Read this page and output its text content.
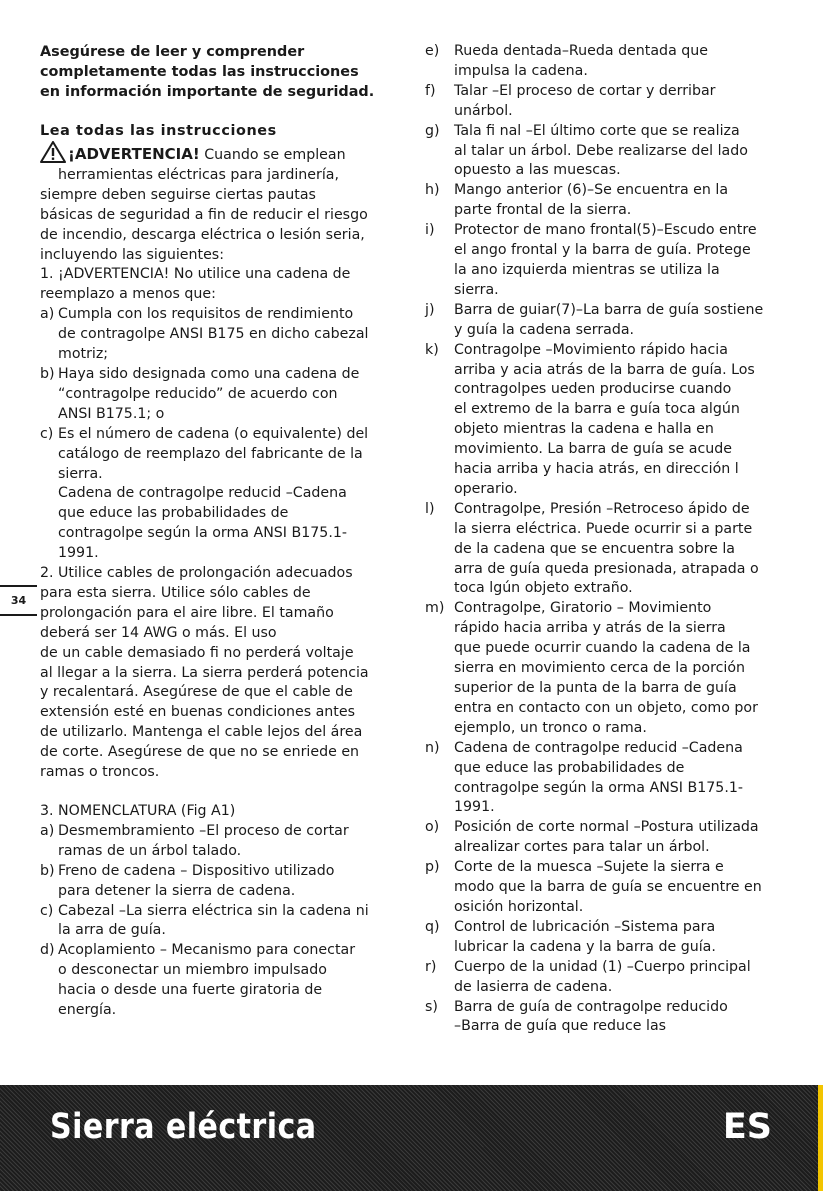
Asegúrese de leer y comprender
completamente todas las instrucciones
en información importante de seguridad.

Lea todas las instrucciones

¡ADVERTENCIA! Cuando se emplean

herramientas eléctricas para jardinería,

siempre deben seguirse ciertas pautas

básicas de seguridad a fin de reducir el riesgo

de incendio, descarga eléctrica o lesión seria,

incluyendo las siguientes:

1. ¡ADVERTENCIA! No utilice una cadena de

reemplazo a menos que:

a) Cumpla con los requisitos de rendimiento
de contragolpe ANSI B175 en dicho cabezal
motriz;
b) Haya sido designada como una cadena de
“contragolpe reducido” de acuerdo con
ANSI B175.1; o
c) Es el número de cadena (o equivalente) del
catálogo de reemplazo del fabricante de la
sierra.
Cadena de contragolpe reducid –Cadena
que educe las probabilidades de
contragolpe según la orma ANSI B175.1-
1991.

2. Utilice cables de prolongación adecuados
para esta sierra. Utilice sólo cables de
prolongación para el aire libre. El tamaño
deberá ser 14 AWG o más. El uso
de un cable demasiado fi no perderá voltaje
al llegar a la sierra. La sierra perderá potencia
y recalentará. Asegúrese de que el cable de
extensión esté en buenas condiciones antes
de utilizarlo. Mantenga el cable lejos del área
de corte. Asegúrese de que no se enriede en
ramas o troncos.

3. NOMENCLATURA (Fig A1)

a) Desmembramiento –El proceso de cortar
ramas de un árbol talado.
b) Freno de cadena – Dispositivo utilizado
para detener la sierra de cadena.
c) Cabezal –La sierra eléctrica sin la cadena ni
la arra de guía.
d) Acoplamiento – Mecanismo para conectar
o desconectar un miembro impulsado
hacia o desde una fuerte giratoria de
energía.
e)	Rueda dentada–Rueda dentada que
impulsa la cadena.
f)	Talar –El proceso de cortar y derribar
unárbol.
g)	Tala fi nal –El último corte que se realiza
al talar un árbol. Debe realizarse del lado
opuesto a las muescas.
h)	Mango anterior (6)–Se encuentra en la
parte frontal de la sierra.
i)	Protector de mano frontal(5)–Escudo entre
el ango frontal y la barra de guía. Protege
la ano izquierda mientras se utiliza la
sierra.
j)	Barra de guiar(7)–La barra de guía sostiene
y guía la cadena serrada.
k)	Contragolpe –Movimiento rápido hacia
arriba y acia atrás de la barra de guía. Los
contragolpes ueden producirse cuando
el extremo de la barra e guía toca algún
objeto mientras la cadena e halla en
movimiento. La barra de guía se acude
hacia arriba y hacia atrás, en dirección l
operario.
l)	Contragolpe, Presión –Retroceso ápido de
la sierra eléctrica. Puede ocurrir si a parte
de la cadena que se encuentra sobre la
arra de guía queda presionada, atrapada o
toca lgún objeto extraño.
m) Contragolpe, Giratorio – Movimiento
rápido hacia arriba y atrás de la sierra
que puede ocurrir cuando la cadena de la
sierra en movimiento cerca de la porción
superior de la punta de la barra de guía
entra en contacto con un objeto, como por
ejemplo, un tronco o rama.
n)	Cadena de contragolpe reducid –Cadena
que educe las probabilidades de
contragolpe según la orma ANSI B175.1-
1991.
o)	Posición de corte normal –Postura utilizada
alrealizar cortes para talar un árbol.
p)	Corte de la muesca –Sujete la sierra e
modo que la barra de guía se encuentre en
osición horizontal.
q)	Control de lubricación –Sistema para
lubricar la cadena y la barra de guía.
r)	Cuerpo de la unidad (1) –Cuerpo principal
de lasierra de cadena.
s)	Barra de guía de contragolpe reducido
–Barra de guía que reduce las
34
Sierra eléctrica	ES
